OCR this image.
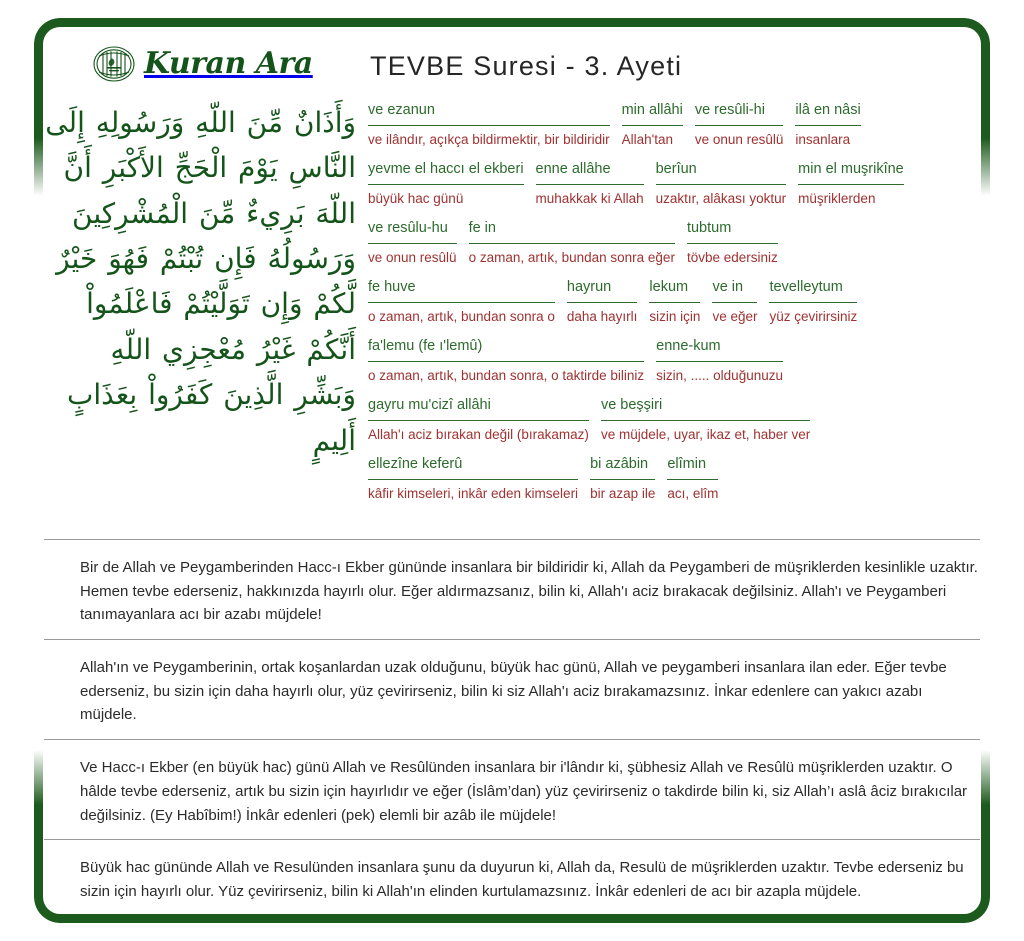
Kuran Ara TEVBE Suresi - 3. Ayeti
وَأَذَانٌ مِّنَ اللّهِ وَرَسُولِهِ إِلَى النَّاسِ يَوْمَ الْحَجِّ الأَكْبَرِ أَنَّ اللّهَ بَرِيءٌ مِّنَ الْمُشْرِكِينَ وَرَسُولُهُ فَإِن تُبْتُمْ فَهُوَ خَيْرٌ لَّكُمْ وَإِن تَوَلَّيْتُمْ فَاعْلَمُواْ أَنَّكُمْ غَيْرُ مُعْجِزِي اللّهِ وَبَشِّرِ الَّذِينَ كَفَرُواْ بِعَذَابٍ أَلِيمٍ
ve ezanun
ve ilândır, açıkça bildirmektir, bir bildiridir
min allâhi
Allah'tan
ve resûli-hi
ve onun resûlü
ilâ en nâsi
insanlara
yevme el haccı el ekberi
büyük hac günü
enne allâhe
muhakkak ki Allah
berîun
uzaktır, alâkası yoktur
min el muşrikîne
müşriklerden
ve resûlu-hu
ve onun resûlü
fe in
o zaman, artık, bundan sonra eğer
tubtum
tövbe edersiniz
fe huve
o zaman, artık, bundan sonra o
hayrun
daha hayırlı
lekum
sizin için
ve in
ve eğer
tevelleytum
yüz çevirirsiniz
fa'lemu (fe ı'lemû)
o zaman, artık, bundan sonra, o taktirde biliniz
enne-kum
sizin, ..... olduğunuzu
gayru mu'cizî allâhi
Allah'ı aciz bırakan değil (bırakamaz)
ve beşşiri
ve müjdele, uyar, ikaz et, haber ver
ellezîne keferû
kâfir kimseleri, inkâr eden kimseleri
bi azâbin
bir azap ile
elîmin
acı, elîm

Bir de Allah ve Peygamberinden Hacc-ı Ekber gününde insanlara bir bildiridir ki, Allah da Peygamberi de müşriklerden kesinlikle uzaktır. Hemen tevbe ederseniz, hakkınızda hayırlı olur. Eğer aldırmazsanız, bilin ki, Allah'ı aciz bırakacak değilsiniz. Allah'ı ve Peygamberi tanımayanlara acı bir azabı müjdele!

Allah'ın ve Peygamberinin, ortak koşanlardan uzak olduğunu, büyük hac günü, Allah ve peygamberi insanlara ilan eder. Eğer tevbe ederseniz, bu sizin için daha hayırlı olur, yüz çevirirseniz, bilin ki siz Allah'ı aciz bırakamazsınız. İnkar edenlere can yakıcı azabı müjdele.

Ve Hacc-ı Ekber (en büyük hac) günü Allah ve Resûlünden insanlara bir i'lândır ki, şübhesiz Allah ve Resûlü müşriklerden uzaktır. O hâlde tevbe ederseniz, artık bu sizin için hayırlıdır ve eğer (İslâm’dan) yüz çevirirseniz o takdirde bilin ki, siz Allah’ı aslâ âciz bırakıcılar değilsiniz. (Ey Habîbim!) İnkâr edenleri (pek) elemli bir azâb ile müjdele!

Büyük hac gününde Allah ve Resulünden insanlara şunu da duyurun ki, Allah da, Resulü de müşriklerden uzaktır. Tevbe ederseniz bu sizin için hayırlı olur. Yüz çevirirseniz, bilin ki Allah'ın elinden kurtulamazsınız. İnkâr edenleri de acı bir azapla müjdele.
